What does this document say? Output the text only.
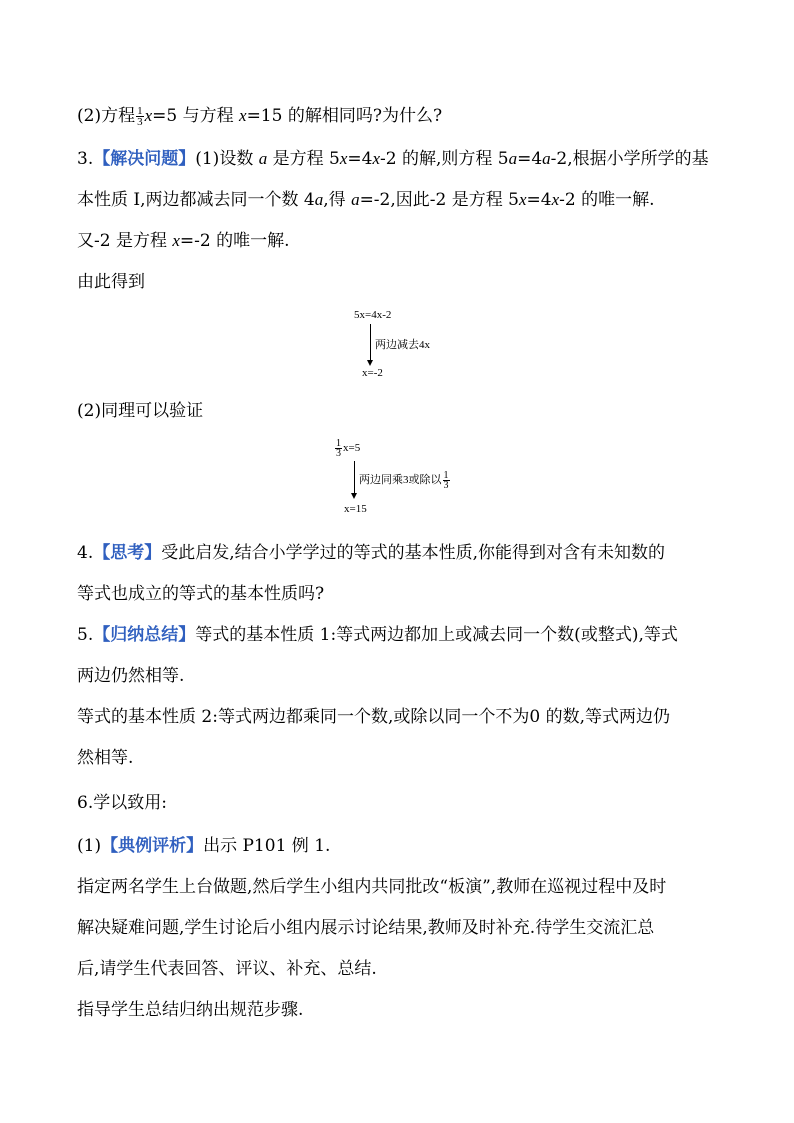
(2)方程 $\frac{1}{3} x=5$ 与方程 x=15 的解相同吗?为什么?
3.【解决问题】(1)设数 a 是方程 5x=4x-2 的解,则方程 5a=4a-2,根据小学所学的基
本性质 I,两边都减去同一个数 4a,得 a=-2,因此-2 是方程 5x=4x-2 的唯一解.
又-2 是方程 x=-2 的唯一解.
由此得到
5x=4x-2
两边减去4x
x=-2
(2)同理可以验证
$\frac{1}{3} x=5$
两边同乘3或除以 $\frac{1}{3}$
x=15
4.【思考】受此启发,结合小学学过的等式的基本性质,你能得到对含有未知数的
等式也成立的等式的基本性质吗?
5.【归纳总结】等式的基本性质 1:等式两边都加上或减去同一个数(或整式),等式
两边仍然相等.
等式的基本性质 2:等式两边都乘同一个数,或除以同一个不为0 的数,等式两边仍
然相等.
6.学以致用:
(1)【典例评析】出示 P101 例 1.
指定两名学生上台做题,然后学生小组内共同批改“板演”,教师在巡视过程中及时
解决疑难问题,学生讨论后小组内展示讨论结果,教师及时补充.待学生交流汇总
后,请学生代表回答、评议、补充、总结.
指导学生总结归纳出规范步骤.
